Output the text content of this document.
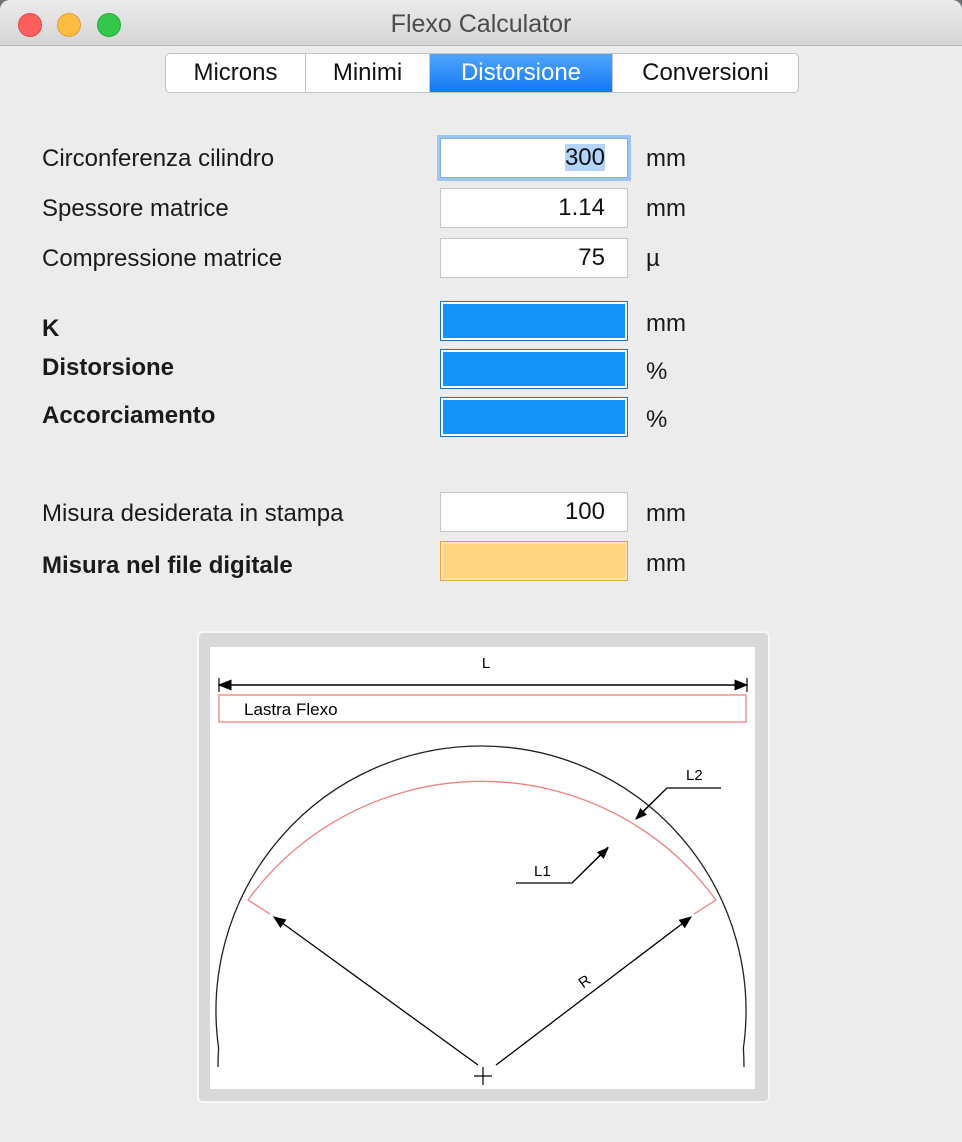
Flexo Calculator
Microns	Minimi	Distorsione	Conversioni
Circonferenza cilindro	300	mm
Spessore matrice	1.14	mm
Compressione matrice	75	µ
K	mm
Distorsione	%
Accorciamento	%
Misura desiderata in stampa	100	mm
Misura nel file digitale	mm
L
Lastra Flexo
R
L1
L2
